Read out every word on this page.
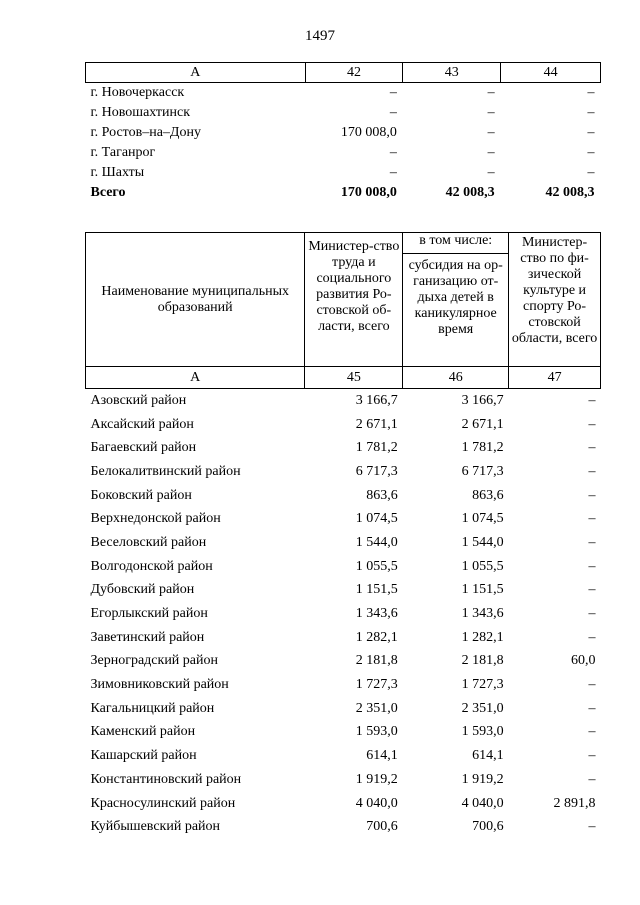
1497
А	42	43	44
г. Новочеркасск	–	–	–
г. Новошахтинск	–	–	–
г. Ростов–на–Дону	170 008,0	–	–
г. Таганрог	–	–	–
г. Шахты	–	–	–
Всего	170 008,0	42 008,3	42 008,3
Наименование муниципальных образований	Министер-ство труда и социального развития Ро-стовской об-ласти, всего	в том числе:	Министер-ство по фи-зической культуре и спорту Ро-стовской области, всего
		субсидия на ор-ганизацию от-дыха детей в каникулярное время	
А	45	46	47
Азовский район	3 166,7	3 166,7	–
Аксайский район	2 671,1	2 671,1	–
Багаевский район	1 781,2	1 781,2	–
Белокалитвинский район	6 717,3	6 717,3	–
Боковский район	863,6	863,6	–
Верхнедонской район	1 074,5	1 074,5	–
Веселовский район	1 544,0	1 544,0	–
Волгодонской район	1 055,5	1 055,5	–
Дубовский район	1 151,5	1 151,5	–
Егорлыкский район	1 343,6	1 343,6	–
Заветинский район	1 282,1	1 282,1	–
Зерноградский район	2 181,8	2 181,8	60,0
Зимовниковский район	1 727,3	1 727,3	–
Кагальницкий район	2 351,0	2 351,0	–
Каменский район	1 593,0	1 593,0	–
Кашарский район	614,1	614,1	–
Константиновский район	1 919,2	1 919,2	–
Красносулинский район	4 040,0	4 040,0	2 891,8
Куйбышевский район	700,6	700,6	–
